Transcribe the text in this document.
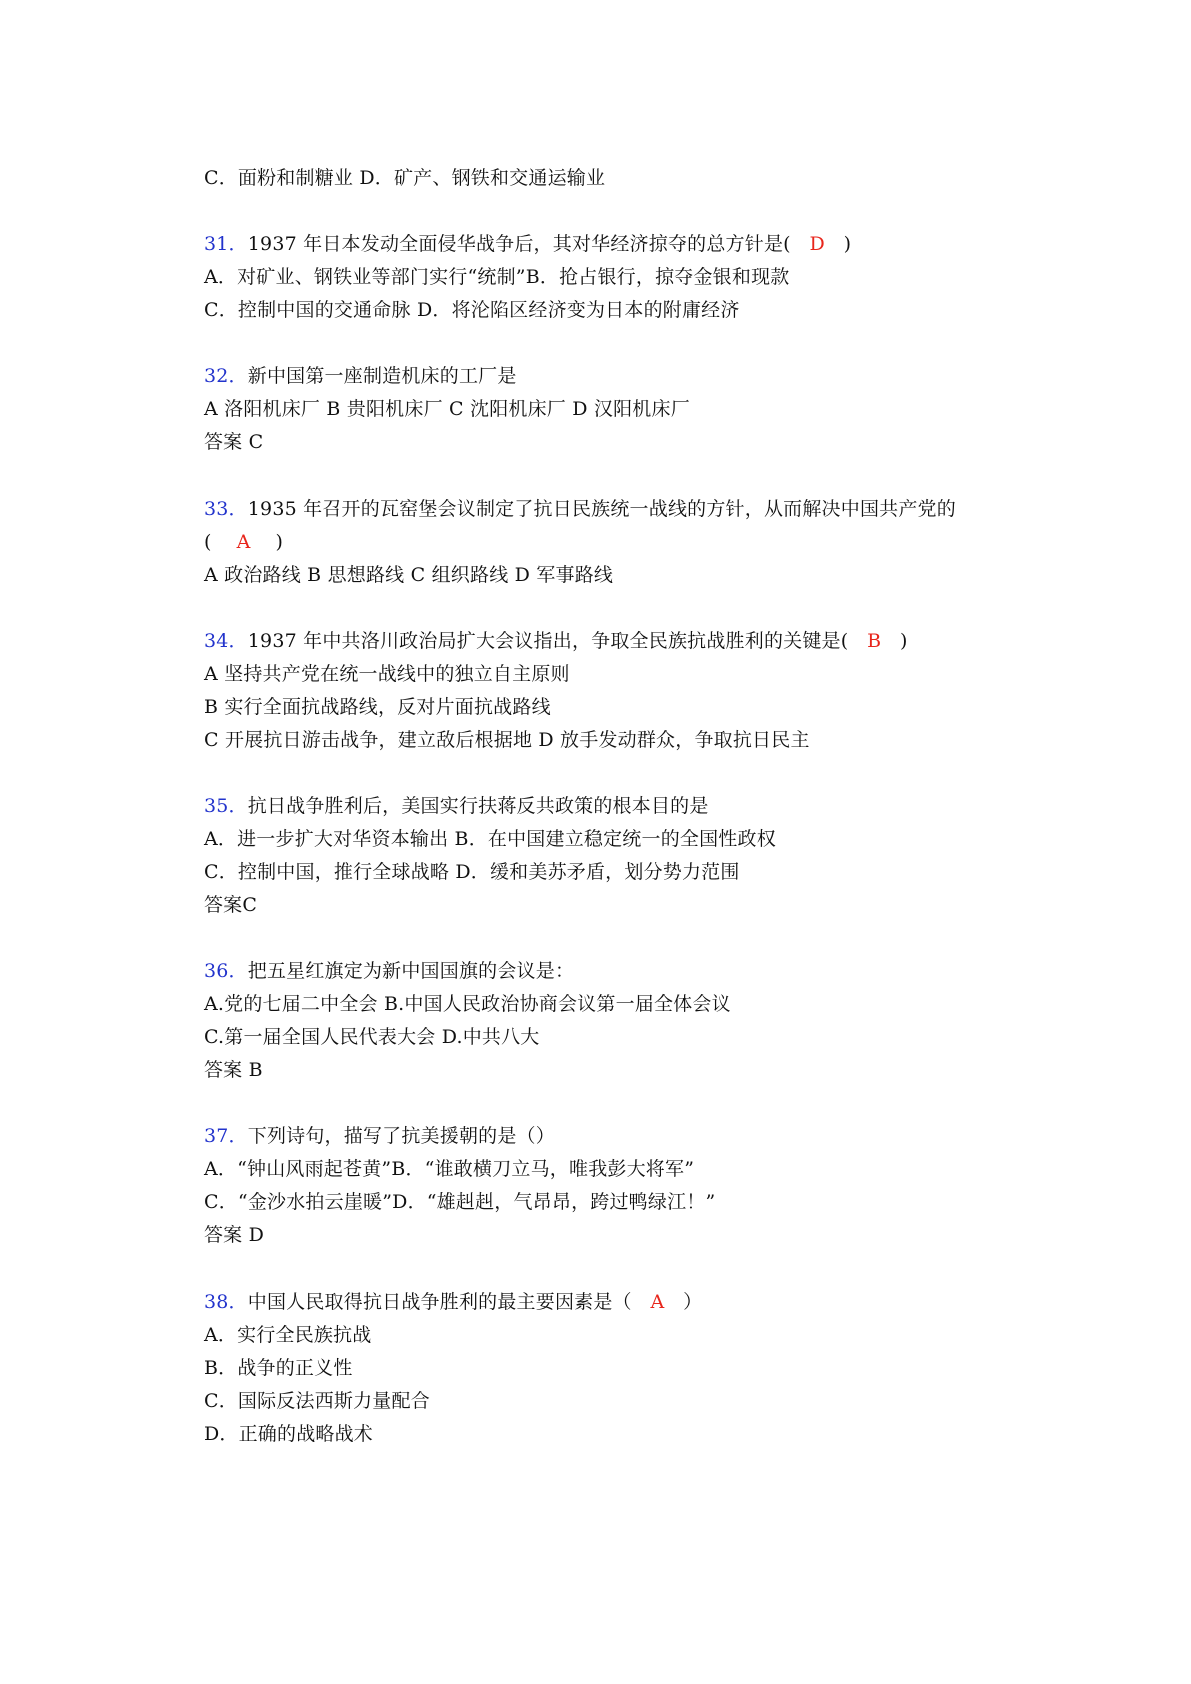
C．面粉和制糖业 D．矿产、钢铁和交通运输业

31．1937 年日本发动全面侵华战争后，其对华经济掠夺的总方针是( D   )

A．对矿业、钢铁业等部门实行“统制”B．抢占银行，掠夺金银和现款

C．控制中国的交通命脉 D．将沦陷区经济变为日本的附庸经济

32．新中国第一座制造机床的工厂是

A 洛阳机床厂 B 贵阳机床厂 C 沈阳机床厂 D 汉阳机床厂

答案 C

33．1935 年召开的瓦窑堡会议制定了抗日民族统一战线的方针，从而解决中国共产党的

( A    )

A 政治路线 B 思想路线 C 组织路线 D 军事路线

34．1937 年中共洛川政治局扩大会议指出，争取全民族抗战胜利的关键是( B   )

A 坚持共产党在统一战线中的独立自主原则

B 实行全面抗战路线，反对片面抗战路线

C 开展抗日游击战争，建立敌后根据地 D 放手发动群众，争取抗日民主

35．抗日战争胜利后，美国实行扶蒋反共政策的根本目的是

A．进一步扩大对华资本输出 B．在中国建立稳定统一的全国性政权

C．控制中国，推行全球战略 D．缓和美苏矛盾，划分势力范围

答案C

36．把五星红旗定为新中国国旗的会议是：

A.党的七届二中全会 B.中国人民政治协商会议第一届全体会议

C.第一届全国人民代表大会 D.中共八大

答案 B

37．下列诗句，描写了抗美援朝的是（）

A．“钟山风雨起苍黄”B．“谁敢横刀立马，唯我彭大将军”

C．“金沙水拍云崖暖”D．“雄赳赳，气昂昂，跨过鸭绿江！”

答案 D

38．中国人民取得抗日战争胜利的最主要因素是（ A   ）

A．实行全民族抗战

B．战争的正义性

C．国际反法西斯力量配合

D．正确的战略战术
